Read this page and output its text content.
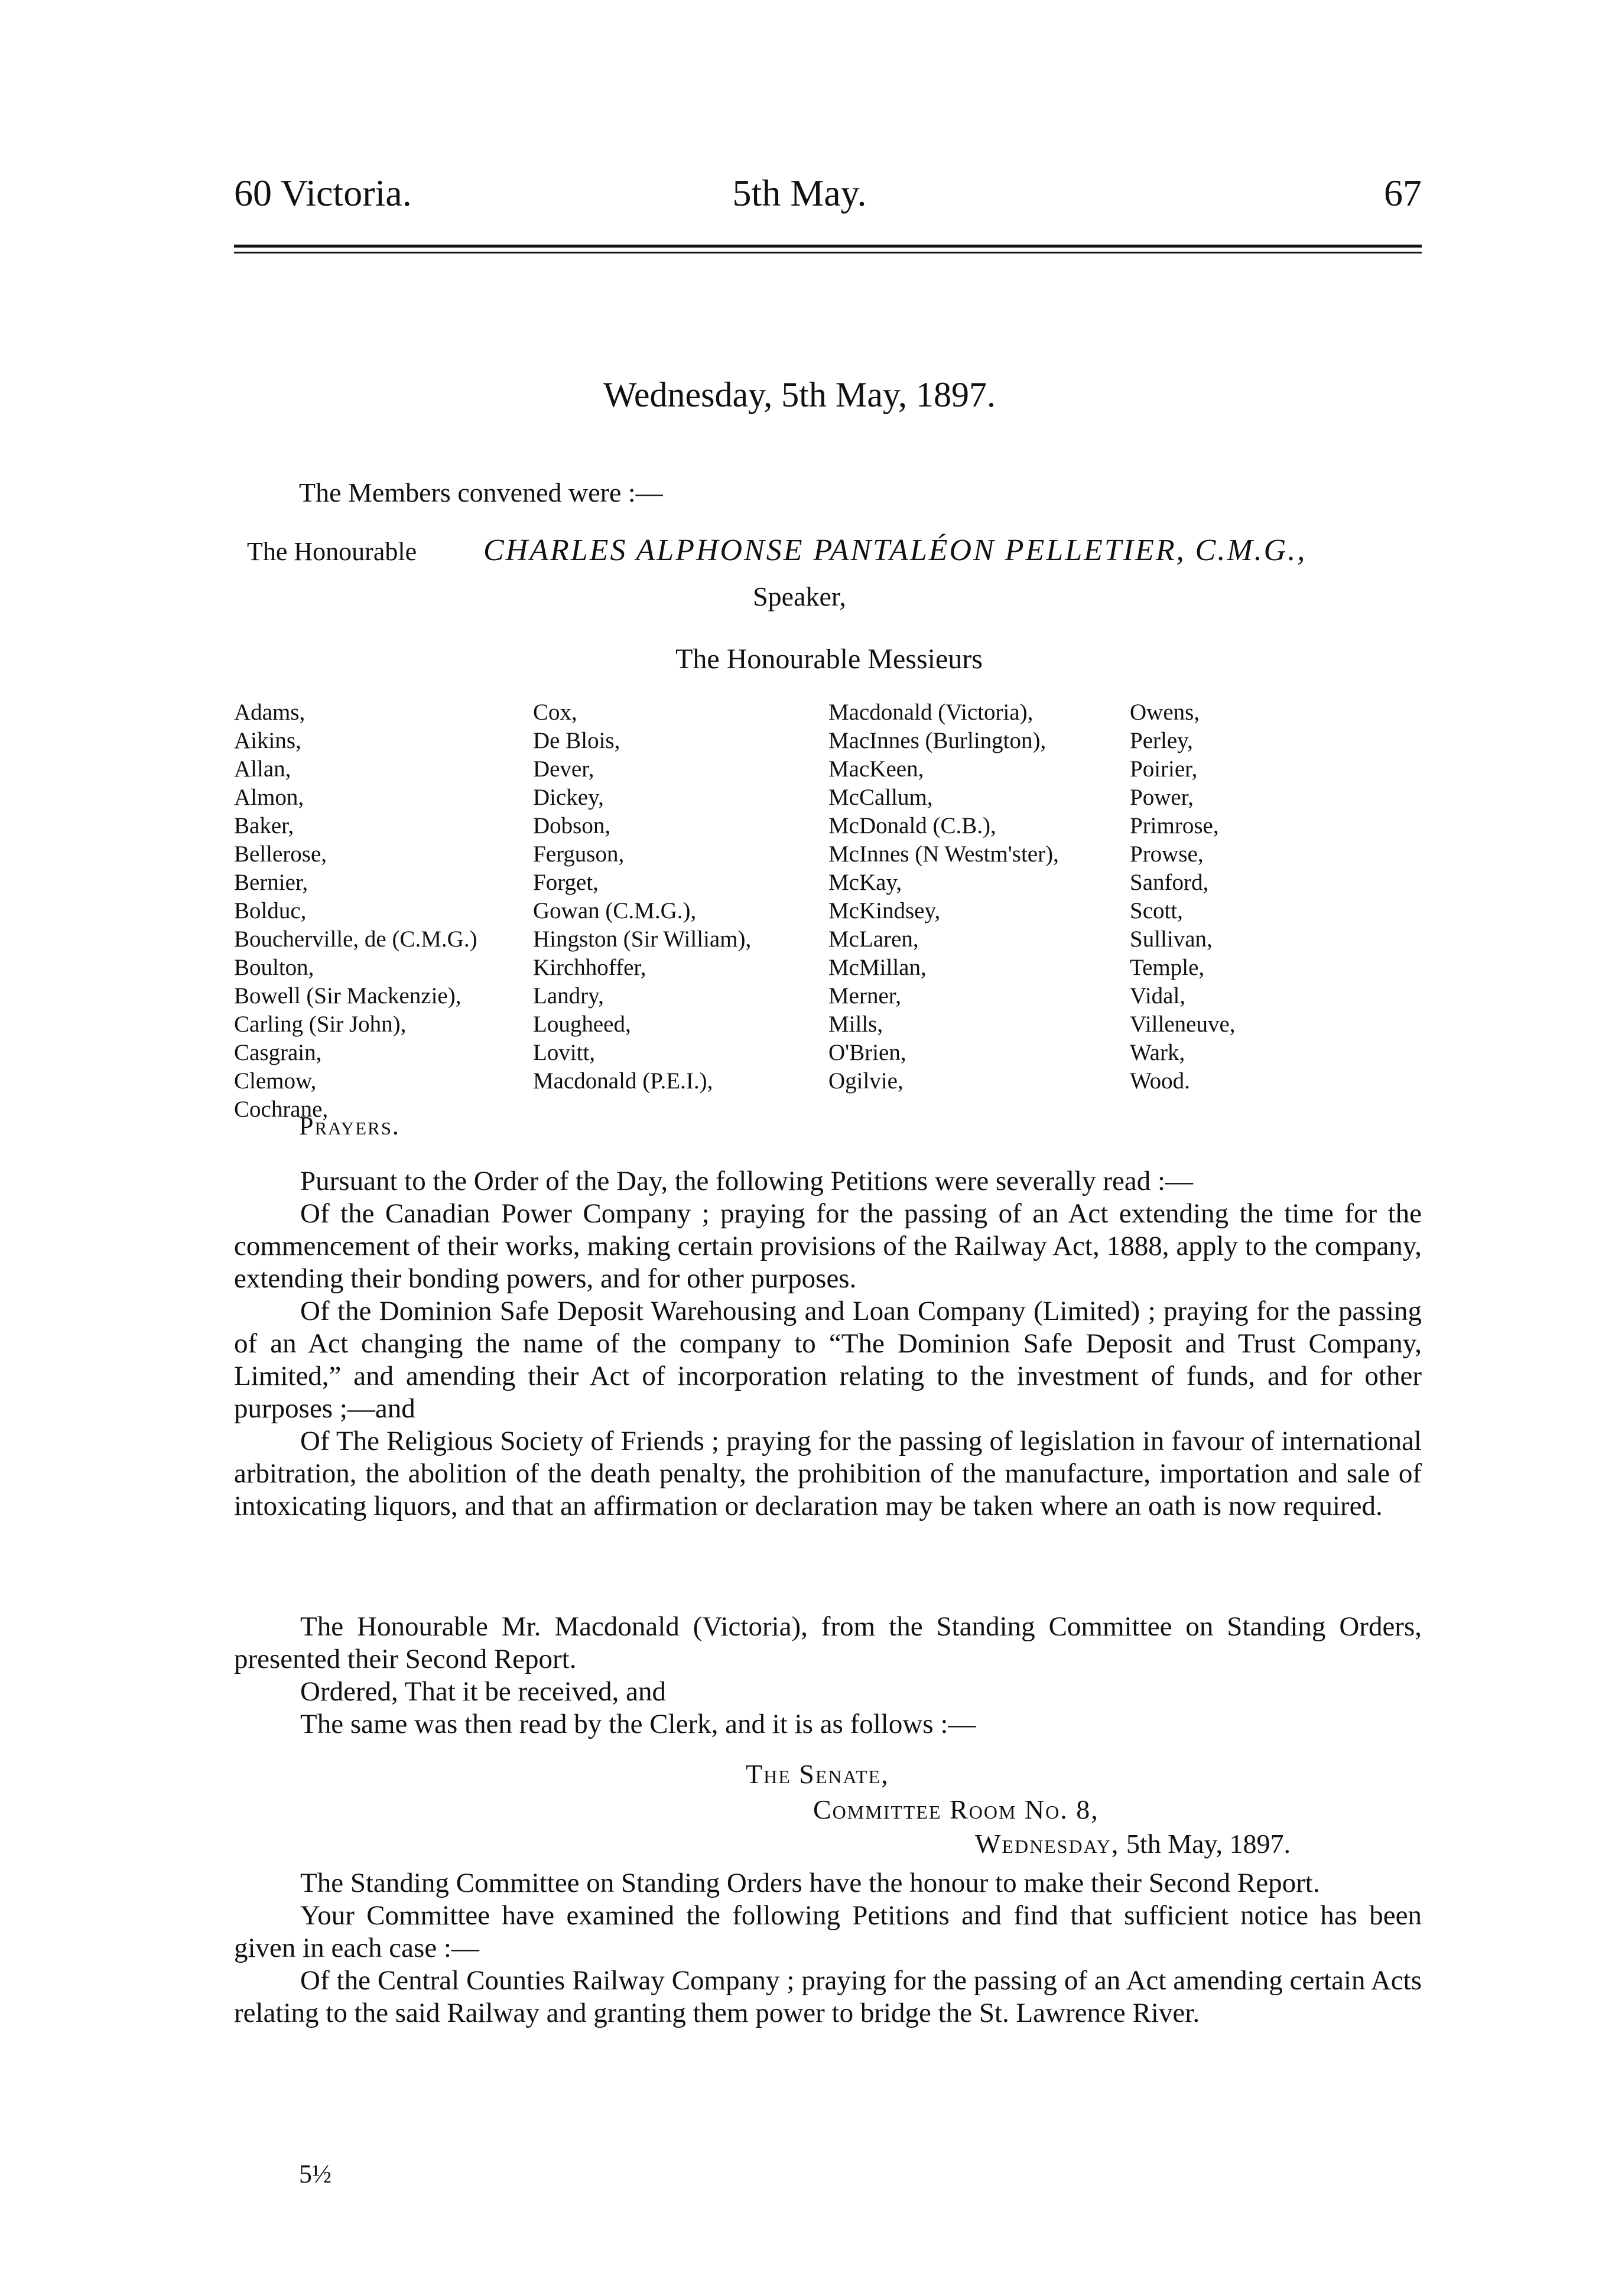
60 Victoria.	5th May.	67
Wednesday, 5th May, 1897.
The Members convened were :—
The Honourable CHARLES ALPHONSE PANTALÉON PELLETIER, C.M.G.,
Speaker,
The Honourable Messieurs
Adams,
Aikins,
Allan,
Almon,
Baker,
Bellerose,
Bernier,
Bolduc,
Boucherville, de (C.M.G.)
Boulton,
Bowell (Sir Mackenzie),
Carling (Sir John),
Casgrain,
Clemow,
Cochrane,
Cox,
De Blois,
Dever,
Dickey,
Dobson,
Ferguson,
Forget,
Gowan (C.M.G.),
Hingston (Sir William),
Kirchhoffer,
Landry,
Lougheed,
Lovitt,
Macdonald (P.E.I.),
Macdonald (Victoria),
MacInnes (Burlington),
MacKeen,
McCallum,
McDonald (C.B.),
McInnes (N Westm'ster),
McKay,
McKindsey,
McLaren,
McMillan,
Merner,
Mills,
O'Brien,
Ogilvie,
Owens,
Perley,
Poirier,
Power,
Primrose,
Prowse,
Sanford,
Scott,
Sullivan,
Temple,
Vidal,
Villeneuve,
Wark,
Wood.
Prayers.

Pursuant to the Order of the Day, the following Petitions were severally read :—

Of the Canadian Power Company ; praying for the passing of an Act extending the time for the commencement of their works, making certain provisions of the Railway Act, 1888, apply to the company, extending their bonding powers, and for other purposes.

Of the Dominion Safe Deposit Warehousing and Loan Company (Limited) ; praying for the passing of an Act changing the name of the company to “The Dominion Safe Deposit and Trust Company, Limited,” and amending their Act of incorporation relating to the investment of funds, and for other purposes ;—and

Of The Religious Society of Friends ; praying for the passing of legislation in favour of international arbitration, the abolition of the death penalty, the prohibition of the manufacture, importation and sale of intoxicating liquors, and that an affirmation or declaration may be taken where an oath is now required.

The Honourable Mr. Macdonald (Victoria), from the Standing Committee on Standing Orders, presented their Second Report.

Ordered, That it be received, and

The same was then read by the Clerk, and it is as follows :—

The Senate,
Committee Room No. 8,
Wednesday, 5th May, 1897.

The Standing Committee on Standing Orders have the honour to make their Second Report.

Your Committee have examined the following Petitions and find that sufficient notice has been given in each case :—

Of the Central Counties Railway Company ; praying for the passing of an Act amending certain Acts relating to the said Railway and granting them power to bridge the St. Lawrence River.

5½
